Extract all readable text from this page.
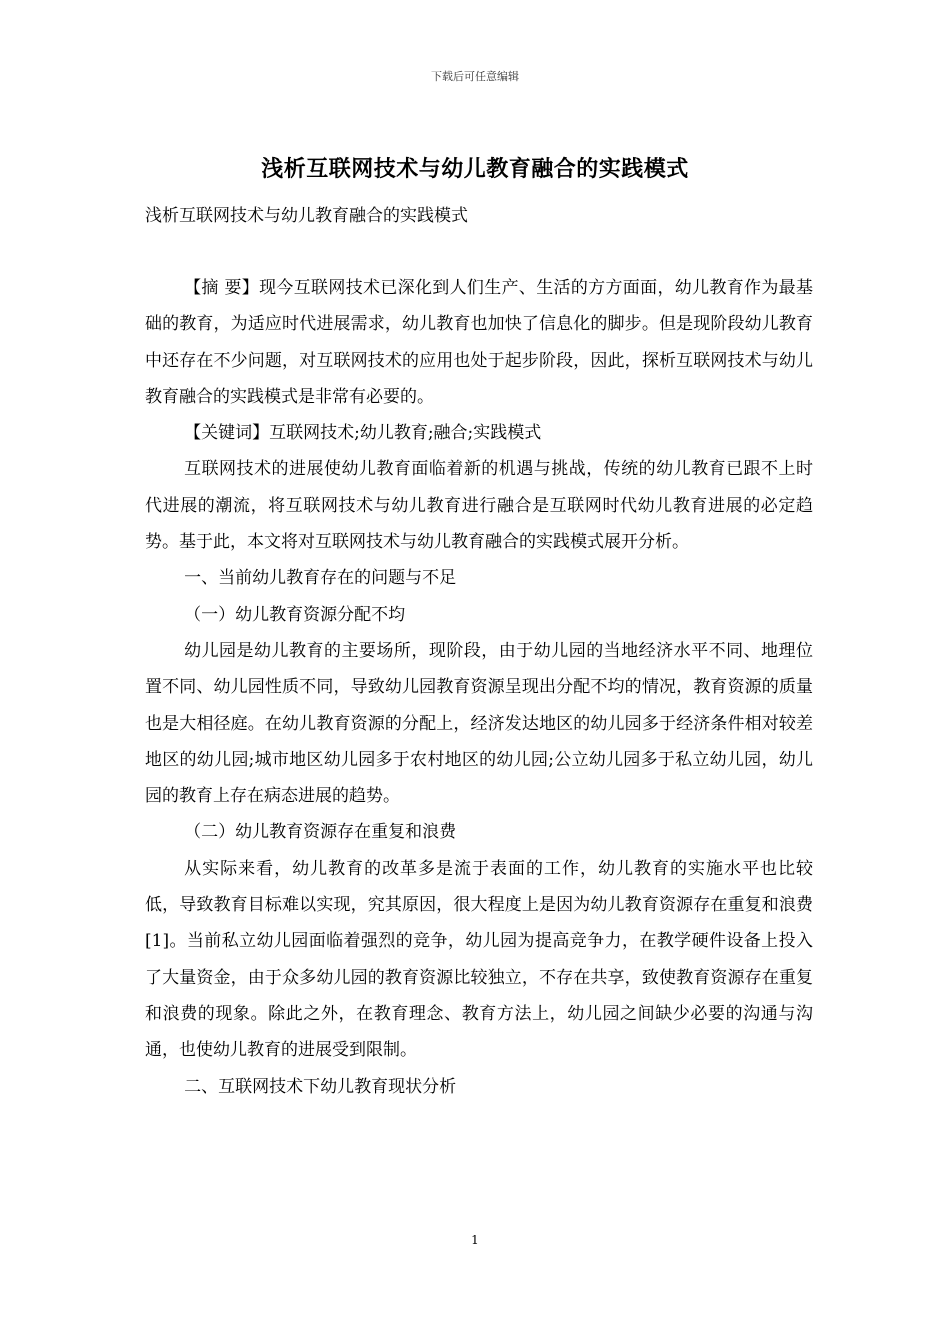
下载后可任意编辑
浅析互联网技术与幼儿教育融合的实践模式
浅析互联网技术与幼儿教育融合的实践模式

【摘 要】现今互联网技术已深化到人们生产、生活的方方面面，幼儿教育作为最基础的教育，为适应时代进展需求，幼儿教育也加快了信息化的脚步。但是现阶段幼儿教育中还存在不少问题，对互联网技术的应用也处于起步阶段，因此，探析互联网技术与幼儿教育融合的实践模式是非常有必要的。

【关键词】互联网技术;幼儿教育;融合;实践模式

互联网技术的进展使幼儿教育面临着新的机遇与挑战，传统的幼儿教育已跟不上时代进展的潮流，将互联网技术与幼儿教育进行融合是互联网时代幼儿教育进展的必定趋势。基于此，本文将对互联网技术与幼儿教育融合的实践模式展开分析。

一、当前幼儿教育存在的问题与不足

（一）幼儿教育资源分配不均

幼儿园是幼儿教育的主要场所，现阶段，由于幼儿园的当地经济水平不同、地理位置不同、幼儿园性质不同，导致幼儿园教育资源呈现出分配不均的情况，教育资源的质量也是大相径庭。在幼儿教育资源的分配上，经济发达地区的幼儿园多于经济条件相对较差地区的幼儿园;城市地区幼儿园多于农村地区的幼儿园;公立幼儿园多于私立幼儿园，幼儿园的教育上存在病态进展的趋势。

（二）幼儿教育资源存在重复和浪费

从实际来看，幼儿教育的改革多是流于表面的工作，幼儿教育的实施水平也比较低，导致教育目标难以实现，究其原因，很大程度上是因为幼儿教育资源存在重复和浪费[1]。当前私立幼儿园面临着强烈的竞争，幼儿园为提高竞争力，在教学硬件设备上投入了大量资金，由于众多幼儿园的教育资源比较独立，不存在共享，致使教育资源存在重复和浪费的现象。除此之外，在教育理念、教育方法上，幼儿园之间缺少必要的沟通与沟通，也使幼儿教育的进展受到限制。

二、互联网技术下幼儿教育现状分析

1
